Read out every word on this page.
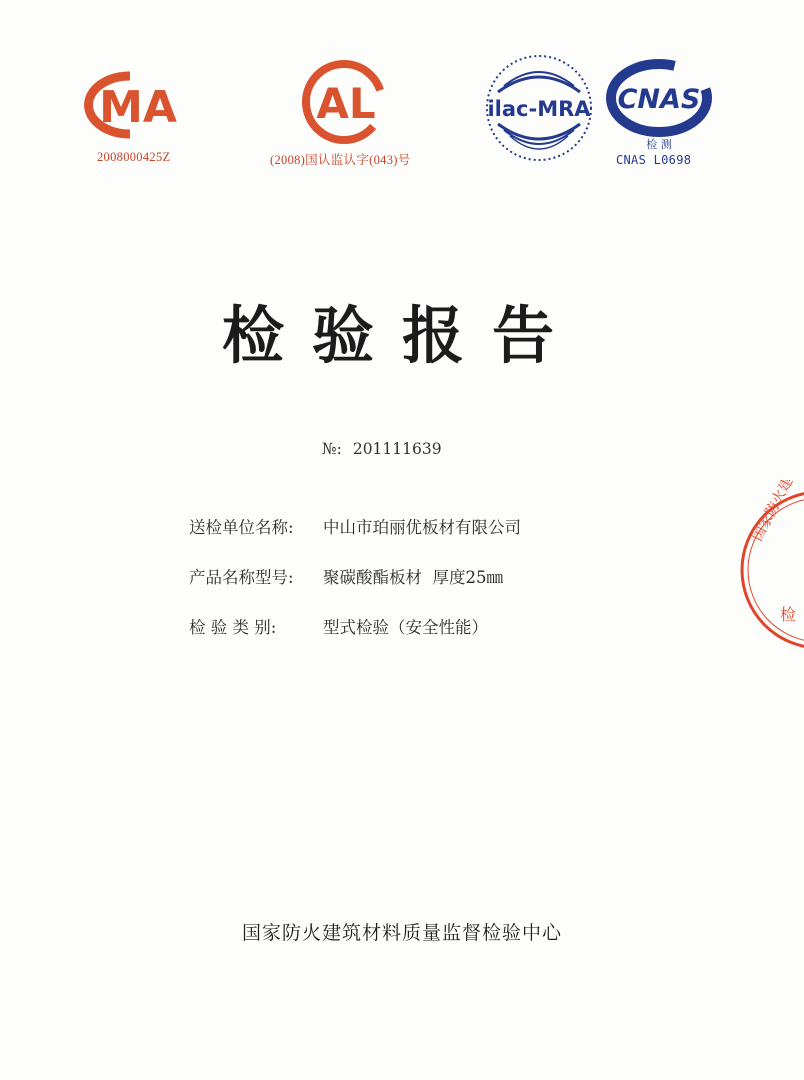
MA
2008000425Z
AL
(2008)国认监认字(043)号
ilac-MRA CNAS
检 测
CNAS L0698
检验报告
№: 201111639
送检单位名称: 中山市珀丽优板材有限公司
产品名称型号: 聚碳酸酯板材  厚度25㎜
检 验 类 别:	型式检验（安全性能）
国家防火建
检
国家防火建筑材料质量监督检验中心
